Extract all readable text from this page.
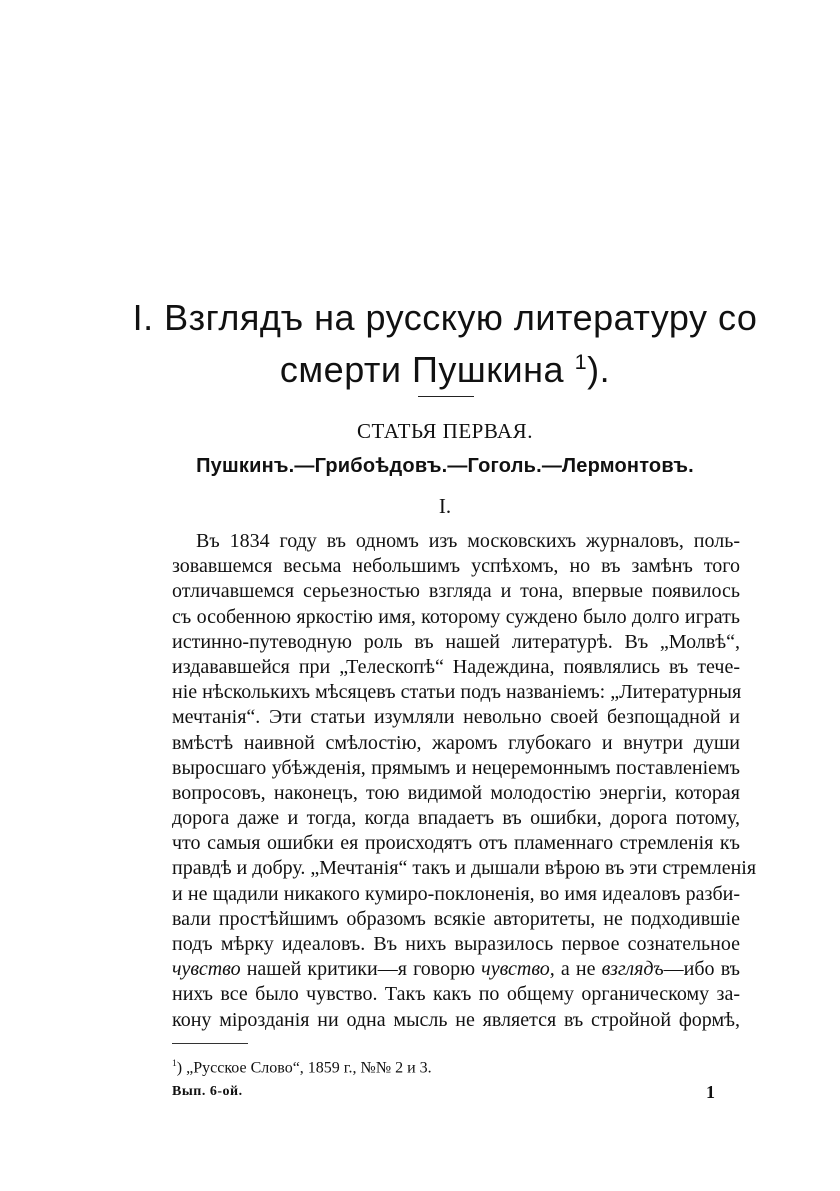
I. Взглядъ на русскую литературу со
смерти Пушкина $^1$).
СТАТЬЯ ПЕРВАЯ.
Пушкинъ.—Грибоѣдовъ.—Гоголь.—Лермонтовъ.
I.
Въ 1834 году въ одномъ изъ московскихъ журналовъ, поль-
зовавшемся весьма небольшимъ успѣхомъ, но въ замѣнъ того
отличавшемся серьезностью взгляда и тона, впервые появилось
съ особенною яркостію имя, которому суждено было долго играть
истинно-путеводную роль въ нашей литературѣ. Въ „Молвѣ“,
издававшейся при „Телескопѣ“ Надеждина, появлялись въ тече-
ніе нѣсколькихъ мѣсяцевъ статьи подъ названіемъ: „Литературныя
мечтанія“. Эти статьи изумляли невольно своей безпощадной и
вмѣстѣ наивной смѣлостію, жаромъ глубокаго и внутри души
выросшаго убѣжденія, прямымъ и нецеремоннымъ поставленіемъ
вопросовъ, наконецъ, тою видимой молодостію энергіи, которая
дорога даже и тогда, когда впадаетъ въ ошибки, дорога потому,
что самыя ошибки ея происходятъ отъ пламеннаго стремленія къ
правдѣ и добру. „Мечтанія“ такъ и дышали вѣрою въ эти стремленія
и не щадили никакого кумиро-поклоненія, во имя идеаловъ разби-
вали простѣйшимъ образомъ всякіе авторитеты, не подходившіе
подъ мѣрку идеаловъ. Въ нихъ выразилось первое сознательное
чувство нашей критики—я говорю чувство, а не взглядъ—ибо въ
нихъ все было чувство. Такъ какъ по общему органическому за-
кону мірозданія ни одна мысль не является въ стройной формѣ,
$^1$) „Русское Слово“, 1859 г., №№ 2 и 3.
Вып. 6-ой.	1
